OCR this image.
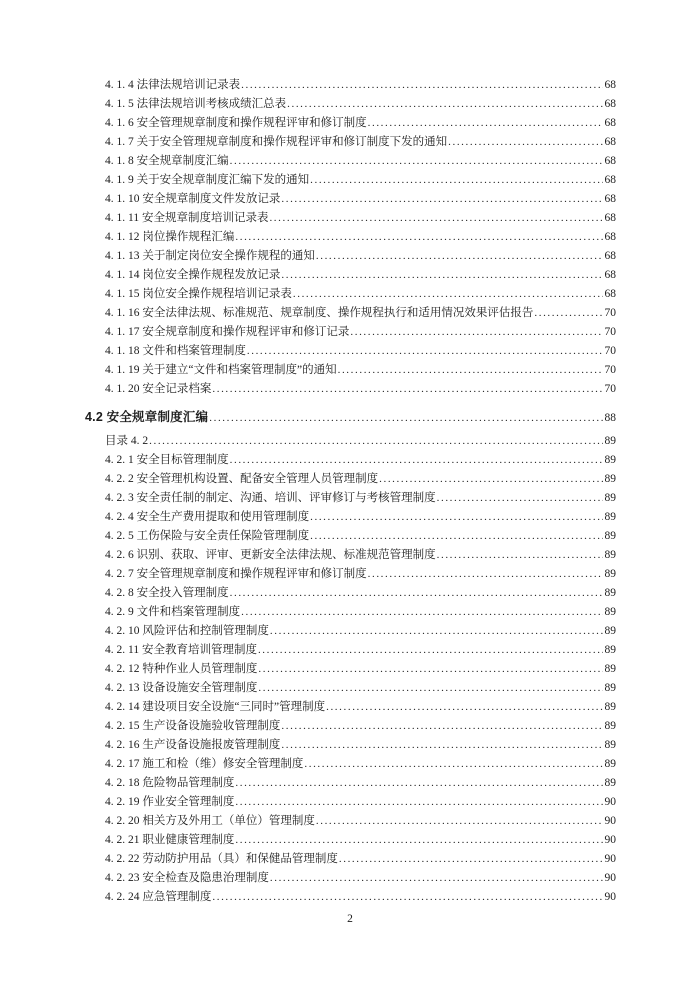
4. 1. 4 法律法规培训记录表 .....	68
4. 1. 5 法律法规培训考核成绩汇总表 .....	68
4. 1. 6 安全管理规章制度和操作规程评审和修订制度 .....	68
4. 1. 7 关于安全管理规章制度和操作规程评审和修订制度下发的通知 .....	68
4. 1. 8 安全规章制度汇编 .....	68
4. 1. 9 关于安全规章制度汇编下发的通知 .....	68
4. 1. 10 安全规章制度文件发放记录 .....	68
4. 1. 11 安全规章制度培训记录表 .....	68
4. 1. 12 岗位操作规程汇编 .....	68
4. 1. 13 关于制定岗位安全操作规程的通知 .....	68
4. 1. 14 岗位安全操作规程发放记录 .....	68
4. 1. 15 岗位安全操作规程培训记录表 .....	68
4. 1. 16 安全法律法规、标准规范、规章制度、操作规程执行和适用情况效果评估报告 .....	70
4. 1. 17 安全规章制度和操作规程评审和修订记录 .....	70
4. 1. 18 文件和档案管理制度 .....	70
4. 1. 19 关于建立“文件和档案管理制度”的通知 .....	70
4. 1. 20 安全记录档案 .....	70
4.2 安全规章制度汇编 .....	88
目录 4. 2 .....	89
4. 2. 1 安全目标管理制度 .....	89
4. 2. 2 安全管理机构设置、配备安全管理人员管理制度 .....	89
4. 2. 3 安全责任制的制定、沟通、培训、评审修订与考核管理制度 .....	89
4. 2. 4 安全生产费用提取和使用管理制度 .....	89
4. 2. 5 工伤保险与安全责任保险管理制度 .....	89
4. 2. 6 识别、获取、评审、更新安全法律法规、标准规范管理制度 .....	89
4. 2. 7 安全管理规章制度和操作规程评审和修订制度 .....	89
4. 2. 8 安全投入管理制度 .....	89
4. 2. 9 文件和档案管理制度 .....	89
4. 2. 10 风险评估和控制管理制度 .....	89
4. 2. 11 安全教育培训管理制度 .....	89
4. 2. 12 特种作业人员管理制度 .....	89
4. 2. 13 设备设施安全管理制度 .....	89
4. 2. 14 建设项目安全设施“三同时”管理制度 .....	89
4. 2. 15 生产设备设施验收管理制度 .....	89
4. 2. 16 生产设备设施报废管理制度 .....	89
4. 2. 17 施工和检（维）修安全管理制度 .....	89
4. 2. 18 危险物品管理制度 .....	89
4. 2. 19 作业安全管理制度 .....	90
4. 2. 20 相关方及外用工（单位）管理制度 .....	90
4. 2. 21 职业健康管理制度 .....	90
4. 2. 22 劳动防护用品（具）和保健品管理制度 .....	90
4. 2. 23 安全检查及隐患治理制度 .....	90
4. 2. 24 应急管理制度 .....	90
2
